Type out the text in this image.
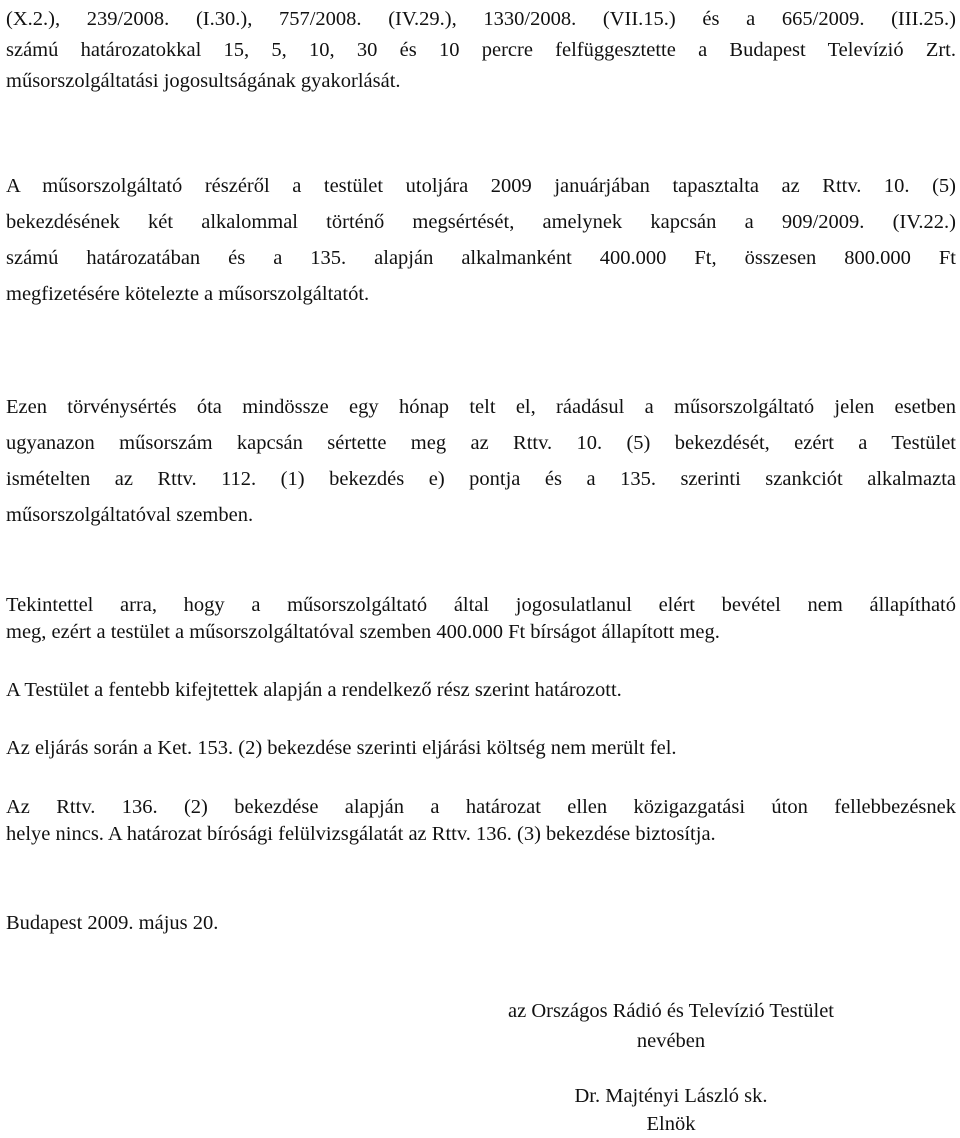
(X.2.), 239/2008. (I.30.), 757/2008. (IV.29.), 1330/2008. (VII.15.) és a 665/2009. (III.25.)
számú határozatokkal 15, 5, 10, 30 és 10 percre felfüggesztette a Budapest Televízió Zrt.
műsorszolgáltatási jogosultságának gyakorlását.
A műsorszolgáltató részéről a testület utoljára 2009 januárjában tapasztalta az Rttv. 10. (5)
bekezdésének két alkalommal történő megsértését, amelynek kapcsán a 909/2009. (IV.22.)
számú határozatában és a 135. alapján alkalmanként 400.000 Ft, összesen 800.000 Ft
megfizetésére kötelezte a műsorszolgáltatót.
Ezen törvénysértés óta mindössze egy hónap telt el, ráadásul a műsorszolgáltató jelen esetben
ugyanazon műsorszám kapcsán sértette meg az Rttv. 10. (5) bekezdését, ezért a Testület
ismételten az Rttv. 112. (1) bekezdés e) pontja és a 135. szerinti szankciót alkalmazta
műsorszolgáltatóval szemben.
Tekintettel arra, hogy a műsorszolgáltató által jogosulatlanul elért bevétel nem állapítható
meg, ezért a testület a műsorszolgáltatóval szemben 400.000 Ft bírságot állapított meg.
A Testület a fentebb kifejtettek alapján a rendelkező rész szerint határozott.
Az eljárás során a Ket. 153. (2) bekezdése szerinti eljárási költség nem merült fel.
Az Rttv. 136. (2) bekezdése alapján a határozat ellen közigazgatási úton fellebbezésnek
helye nincs. A határozat bírósági felülvizsgálatát az Rttv. 136. (3) bekezdése biztosítja.
Budapest 2009. május 20.
az Országos Rádió és Televízió Testület
nevében
Dr. Majtényi László sk.
Elnök
